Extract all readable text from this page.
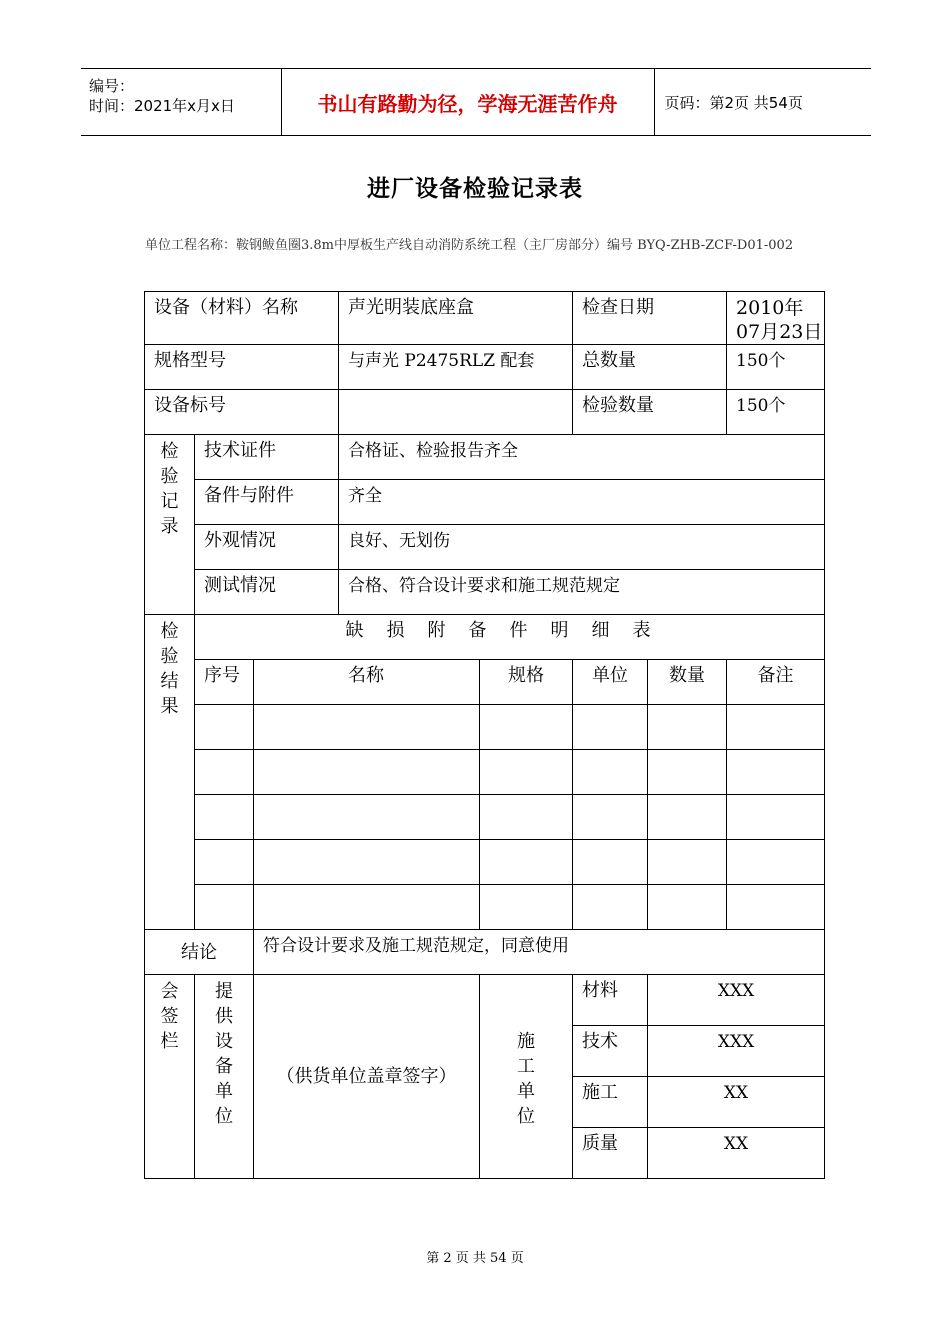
编号：
时间：2021年x月x日	书山有路勤为径，学海无涯苦作舟	页码：第2页 共54页
进厂设备检验记录表
单位工程名称：鞍钢鲅鱼圈3.8m中厚板生产线自动消防系统工程（主厂房部分）编号 BYQ-ZHB-ZCF-D01-002
设备（材料）名称			声光明装底座盒		检查日期		2010年 07月23日
规格型号			与声光 P2475RLZ 配套		总数量		150个
设备标号					检验数量		150个

检验记录	技术证件		合格证、检验报告齐全				
	备件与附件		齐全				
	外观情况		良好、无划伤				
	测试情况		合格、符合设计要求和施工规范规定				

检验结果	缺损附备件明细表						
	序号	名称		规格	单位	数量	备注

结论		符合设计要求及施工规范规定，同意使用					

会签栏	提供设备单位	（供货单位盖章签字）		施工单位	材料	XXX	
					技术	XXX	
					施工	XX	
					质量	XX	
第 2 页 共 54 页
